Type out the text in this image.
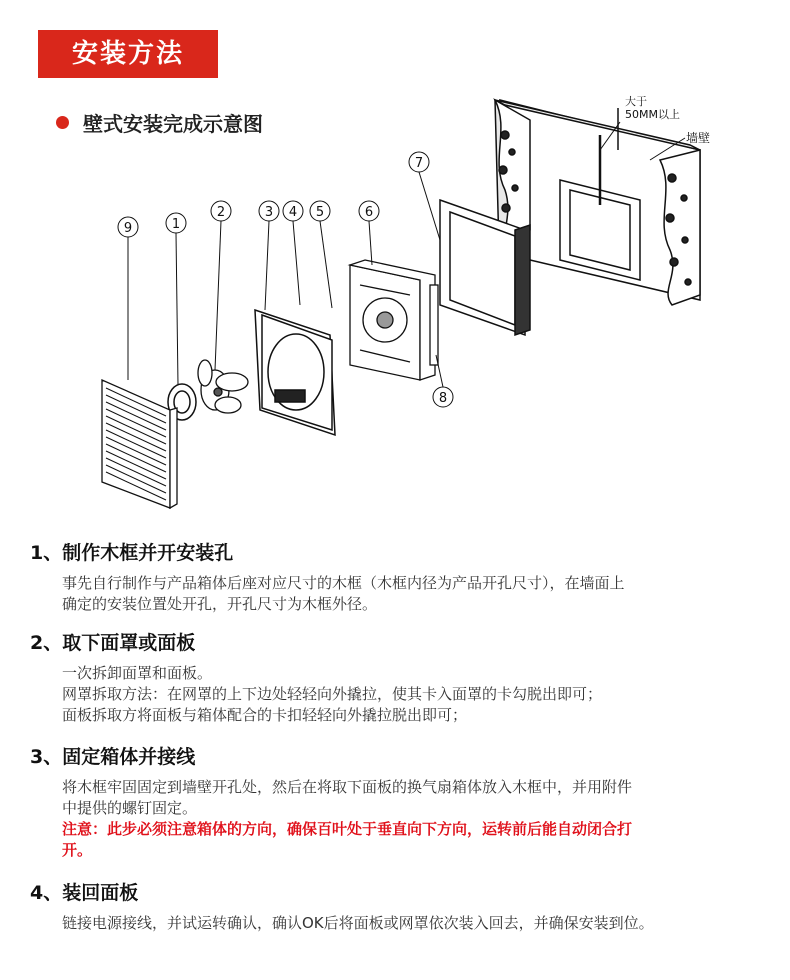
安装方法
壁式安装完成示意图
大于
50MM以上
墙壁
9	1
2	3 4 5	6
7
8
1、制作木框并开安装孔

事先自行制作与产品箱体后座对应尺寸的木框（木框内径为产品开孔尺寸），在墙面上

确定的安装位置处开孔，开孔尺寸为木框外径。

2、取下面罩或面板

一次拆卸面罩和面板。

网罩拆取方法：在网罩的上下边处轻轻向外撬拉，使其卡入面罩的卡勾脱出即可；

面板拆取方将面板与箱体配合的卡扣轻轻向外撬拉脱出即可；

3、固定箱体并接线

将木框牢固固定到墙壁开孔处，然后在将取下面板的换气扇箱体放入木框中，并用附件

中提供的螺钉固定。

注意：此步必须注意箱体的方向，确保百叶处于垂直向下方向，运转前后能自动闭合打

开。

4、装回面板

链接电源接线，并试运转确认，确认OK后将面板或网罩依次装入回去，并确保安装到位。
